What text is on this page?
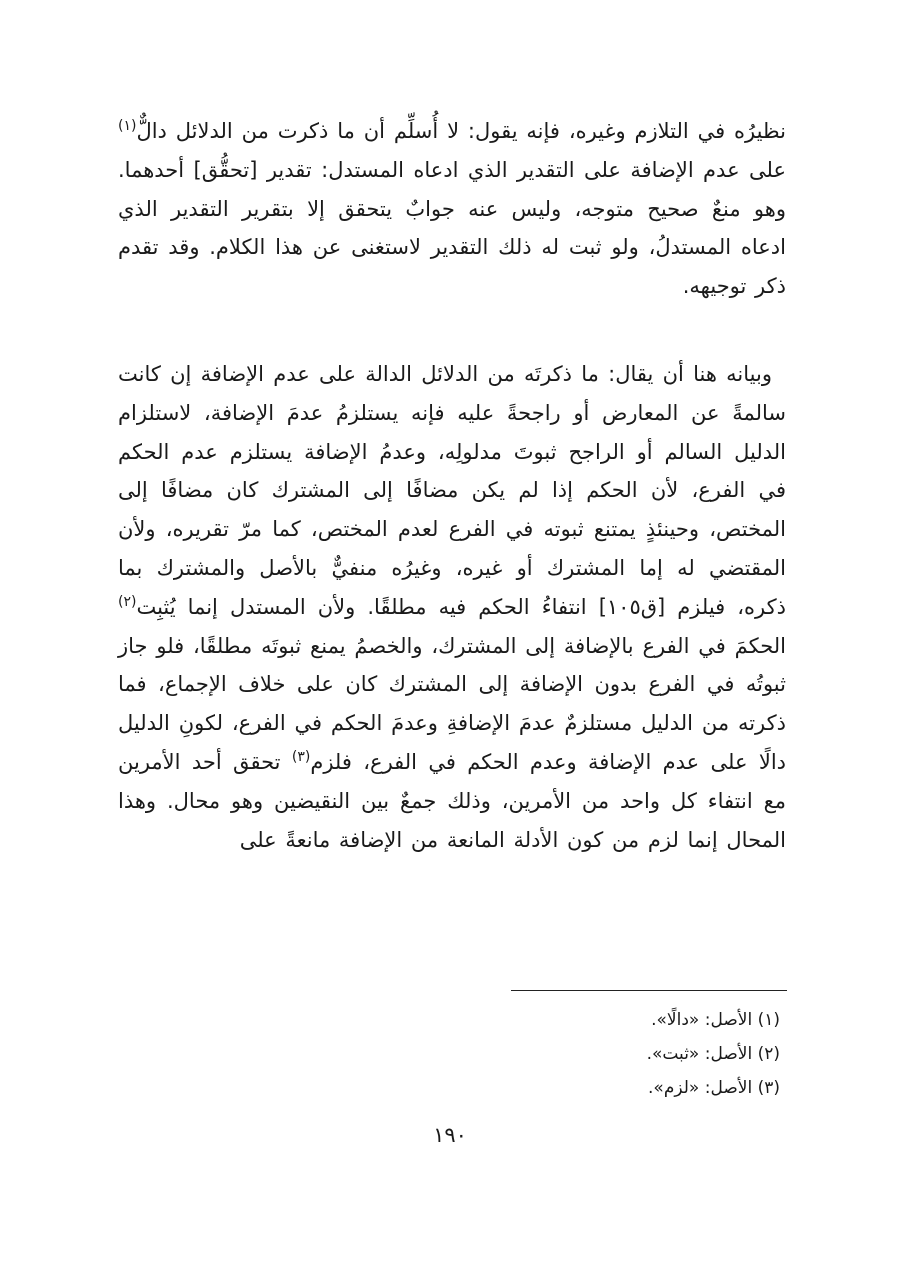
نظيرُه في التلازم وغيره، فإنه يقول: لا أُسلِّم أن ما ذكرت من الدلائل دالٌّ$^{(١)}$ على عدم الإضافة على التقدير الذي ادعاه المستدل: تقدير [تحقُّق] أحدهما. وهو منعٌ صحيح متوجه، وليس عنه جوابٌ يتحقق إلا بتقرير التقدير الذي ادعاه المستدلُ، ولو ثبت له ذلك التقدير لاستغنى عن هذا الكلام. وقد تقدم ذكر توجيهه.
وبيانه هنا أن يقال: ما ذكرتَه من الدلائل الدالة على عدم الإضافة إن كانت سالمةً عن المعارض أو راجحةً عليه فإنه يستلزمُ عدمَ الإضافة، لاستلزام الدليل السالم أو الراجح ثبوتَ مدلولِه، وعدمُ الإضافة يستلزم عدم الحكم في الفرع، لأن الحكم إذا لم يكن مضافًا إلى المشترك كان مضافًا إلى المختص، وحينئذٍ يمتنع ثبوته في الفرع لعدم المختص، كما مرّ تقريره، ولأن المقتضي له إما المشترك أو غيره، وغيرُه منفيٌّ بالأصل والمشترك بما ذكره، فيلزم [ق١٠٥] انتفاءُ الحكم فيه مطلقًا. ولأن المستدل إنما يُثبِت$^{(٢)}$ الحكمَ في الفرع بالإضافة إلى المشترك، والخصمُ يمنع ثبوتَه مطلقًا، فلو جاز ثبوتُه في الفرع بدون الإضافة إلى المشترك كان على خلاف الإجماع، فما ذكرته من الدليل مستلزمٌ عدمَ الإضافةِ وعدمَ الحكم في الفرع، لكونِ الدليل دالًا على عدم الإضافة وعدم الحكم في الفرع، فلزم$^{(٣)}$ تحقق أحد الأمرين مع انتفاء كل واحد من الأمرين، وذلك جمعٌ بين النقيضين وهو محال. وهذا المحال إنما لزم من كون الأدلة المانعة من الإضافة مانعةً على
(١) الأصل: «دالًا».
(٢) الأصل: «ثبت».
(٣) الأصل: «لزم».
١٩٠
